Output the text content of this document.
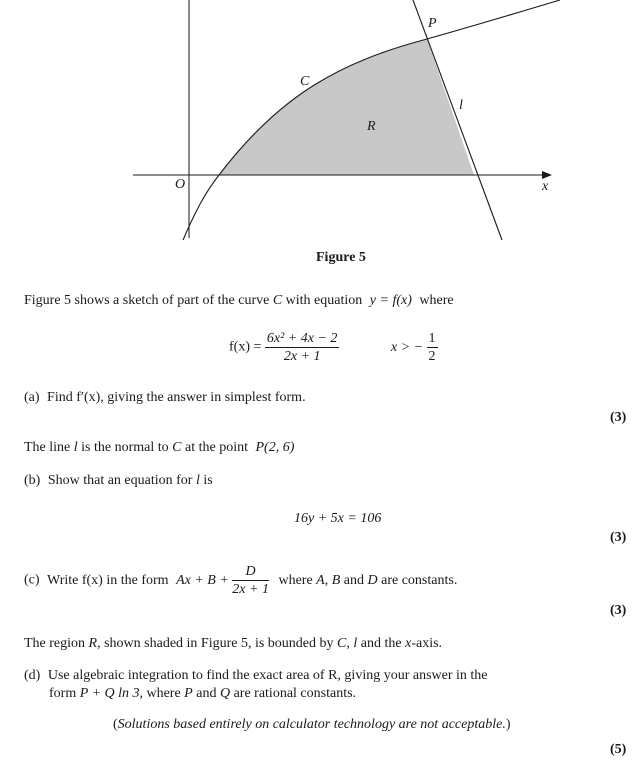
P
C
l
R
O	x
Figure 5
Figure 5 shows a sketch of part of the curve C with equation y = f(x) where
$f(x) = \frac{\text{6x² + 4x − 2}}{2x + 1}$	x > − $\frac{1}{2}$
(a) Find f′(x), giving the answer in simplest form.
(3)
The line l is the normal to C at the point P(2, 6)
(b) Show that an equation for l is
16y + 5x = 106
(3)
(c) Write f(x) in the form $Ax + B + \frac{D}{2x + 1}$ where A, B and D are constants.
(3)
The region R, shown shaded in Figure 5, is bounded by C, l and the x-axis.
(d) Use algebraic integration to find the exact area of R, giving your answer in the
form P + Q ln 3, where P and Q are rational constants.
(Solutions based entirely on calculator technology are not acceptable.)
(5)
